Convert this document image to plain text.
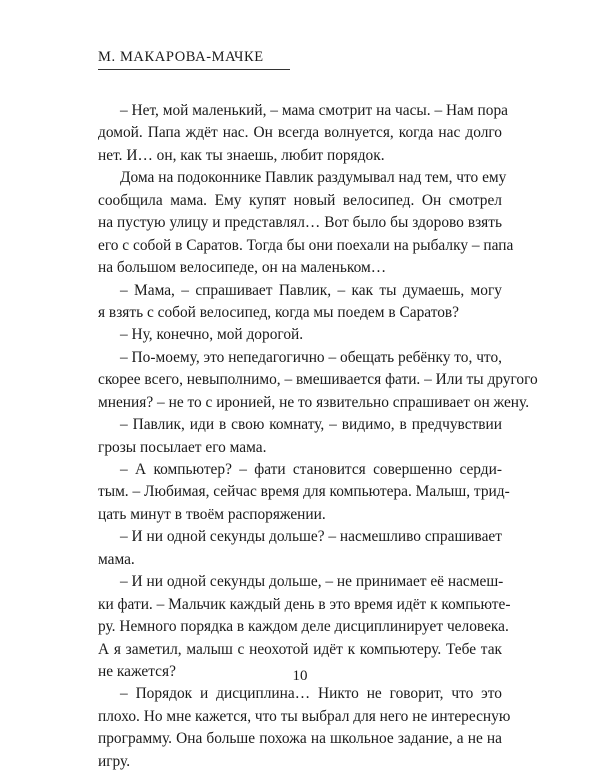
М. МАКАРОВА-МАЧКЕ
– Нет, мой маленький, – мама смотрит на часы. – Нам пора
домой. Папа ждёт нас. Он всегда волнуется, когда нас долго
нет. И… он, как ты знаешь, любит порядок.
Дома на подоконнике Павлик раздумывал над тем, что ему
сообщила мама. Ему купят новый велосипед. Он смотрел
на пустую улицу и представлял… Вот было бы здорово взять
его с собой в Саратов. Тогда бы они поехали на рыбалку – папа
на большом велосипеде, он на маленьком…
– Мама, – спрашивает Павлик, – как ты думаешь, могу
я взять с собой велосипед, когда мы поедем в Саратов?
– Ну, конечно, мой дорогой.
– По-моему, это непедагогично – обещать ребёнку то, что,
скорее всего, невыполнимо, – вмешивается фати. – Или ты другого
мнения? – не то с иронией, не то язвительно спрашивает он жену.
– Павлик, иди в свою комнату, – видимо, в предчувствии
грозы посылает его мама.
– А компьютер? – фати становится совершенно серди-
тым. – Любимая, сейчас время для компьютера. Малыш, трид-
цать минут в твоём распоряжении.
– И ни одной секунды дольше? – насмешливо спрашивает
мама.
– И ни одной секунды дольше, – не принимает её насмеш-
ки фати. – Мальчик каждый день в это время идёт к компьюте-
ру. Немного порядка в каждом деле дисциплинирует человека.
А я заметил, малыш с неохотой идёт к компьютеру. Тебе так
не кажется?
– Порядок и дисциплина… Никто не говорит, что это
плохо. Но мне кажется, что ты выбрал для него не интересную
программу. Она больше похожа на школьное задание, а не на
игру.
10
